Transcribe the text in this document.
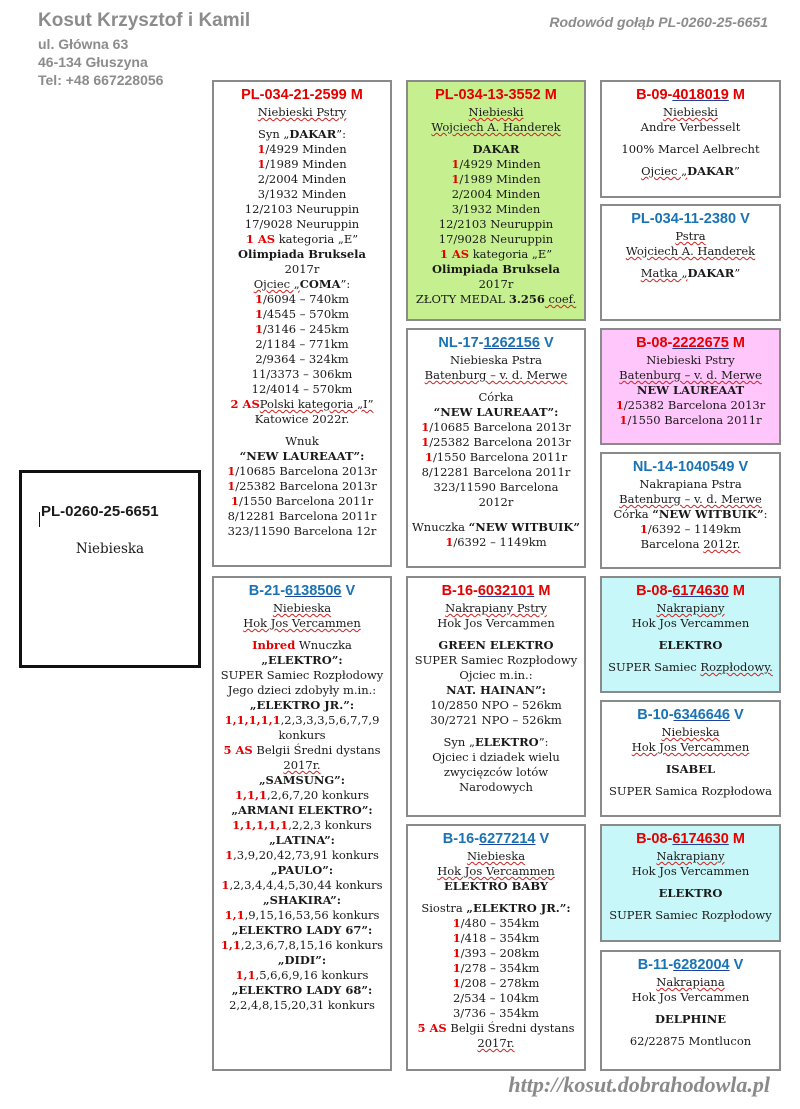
Kosut Krzysztof i Kamil
ul. Główna 63
46-134 Głuszyna
Tel: +48 667228056
Rodowód gołąb PL-0260-25-6651
PL-0260-25-6651
Niebieska
PL-034-21-2599 M
Niebieski Pstry
Syn „DAKAR”:
1/4929 Minden
1/1989 Minden
2/2004 Minden
3/1932 Minden
12/2103 Neuruppin
17/9028 Neuruppin
1 AS kategoria „E”
Olimpiada Bruksela
2017r
Ojciec „COMA”:
1/6094 – 740km
1/4545 – 570km
1/3146 – 245km
2/1184 – 771km
2/9364 – 324km
11/3373 – 306km
12/4014 – 570km
2 ASPolski kategoria „I”
Katowice 2022r.
Wnuk
“NEW LAUREAAT”:
1/10685 Barcelona 2013r
1/25382 Barcelona 2013r
1/1550 Barcelona 2011r
8/12281 Barcelona 2011r
323/11590 Barcelona 12r
PL-034-13-3552 M
Niebieski
Wojciech A. Handerek
DAKAR
1/4929 Minden
1/1989 Minden
2/2004 Minden
3/1932 Minden
12/2103 Neuruppin
17/9028 Neuruppin
1 AS kategoria „E”
Olimpiada Bruksela
2017r
ZŁOTY MEDAL 3.256 coef.
B-09-4018019 M
Niebieski
Andre Verbesselt
100% Marcel Aelbrecht
Ojciec „DAKAR”
PL-034-11-2380 V
Pstra
Wojciech A. Handerek
Matka „DAKAR”
NL-17-1262156 V
Niebieska Pstra
Batenburg – v. d. Merwe
Córka
“NEW LAUREAAT”:
1/10685 Barcelona 2013r
1/25382 Barcelona 2013r
1/1550 Barcelona 2011r
8/12281 Barcelona 2011r
323/11590 Barcelona
2012r
Wnuczka “NEW WITBUIK”
1/6392 – 1149km
B-08-2222675 M
Niebieski Pstry
Batenburg – v. d. Merwe
NEW LAUREAAT
1/25382 Barcelona 2013r
1/1550 Barcelona 2011r
NL-14-1040549 V
Nakrapiana Pstra
Batenburg – v. d. Merwe
Córka “NEW WITBUIK”:
1/6392 – 1149km
Barcelona 2012r.
B-21-6138506 V
Niebieska
Hok Jos Vercammen
Inbred Wnuczka
„ELEKTRO”:
SUPER Samiec Rozpłodowy
Jego dzieci zdobyły m.in.:
„ELEKTRO JR.”:
1,1,1,1,1,2,3,3,3,5,6,7,7,9
konkurs
5 AS Belgii Średni dystans
2017r.
„SAMSUNG”:
1,1,1,2,6,7,20 konkurs
„ARMANI ELEKTRO”:
1,1,1,1,1,2,2,3 konkurs
„LATINA”:
1,3,9,20,42,73,91 konkurs
„PAULO”:
1,2,3,4,4,4,5,30,44 konkurs
„SHAKIRA”:
1,1,9,15,16,53,56 konkurs
„ELEKTRO LADY 67”:
1,1,2,3,6,7,8,15,16 konkurs
„DIDI”:
1,1,5,6,6,9,16 konkurs
„ELEKTRO LADY 68”:
2,2,4,8,15,20,31 konkurs
B-16-6032101 M
Nakrapiany Pstry
Hok Jos Vercammen
GREEN ELEKTRO
SUPER Samiec Rozpłodowy
Ojciec m.in.:
NAT. HAINAN”:
10/2850 NPO – 526km
30/2721 NPO – 526km
Syn „ELEKTRO”:
Ojciec i dziadek wielu
zwycięzców lotów
Narodowych
B-08-6174630 M
Nakrapiany
Hok Jos Vercammen
ELEKTRO
SUPER Samiec Rozpłodowy.
B-10-6346646 V
Niebieska
Hok Jos Vercammen
ISABEL
SUPER Samica Rozpłodowa
B-16-6277214 V
Niebieska
Hok Jos Vercammen
ELEKTRO BABY
Siostra „ELEKTRO JR.”:
1/480 – 354km
1/418 – 354km
1/393 – 208km
1/278 – 354km
1/208 – 278km
2/534 – 104km
3/736 – 354km
5 AS Belgii Średni dystans
2017r.
B-08-6174630 M
Nakrapiany
Hok Jos Vercammen
ELEKTRO
SUPER Samiec Rozpłodowy
B-11-6282004 V
Nakrapiana
Hok Jos Vercammen
DELPHINE
62/22875 Montlucon
http://kosut.dobrahodowla.pl
